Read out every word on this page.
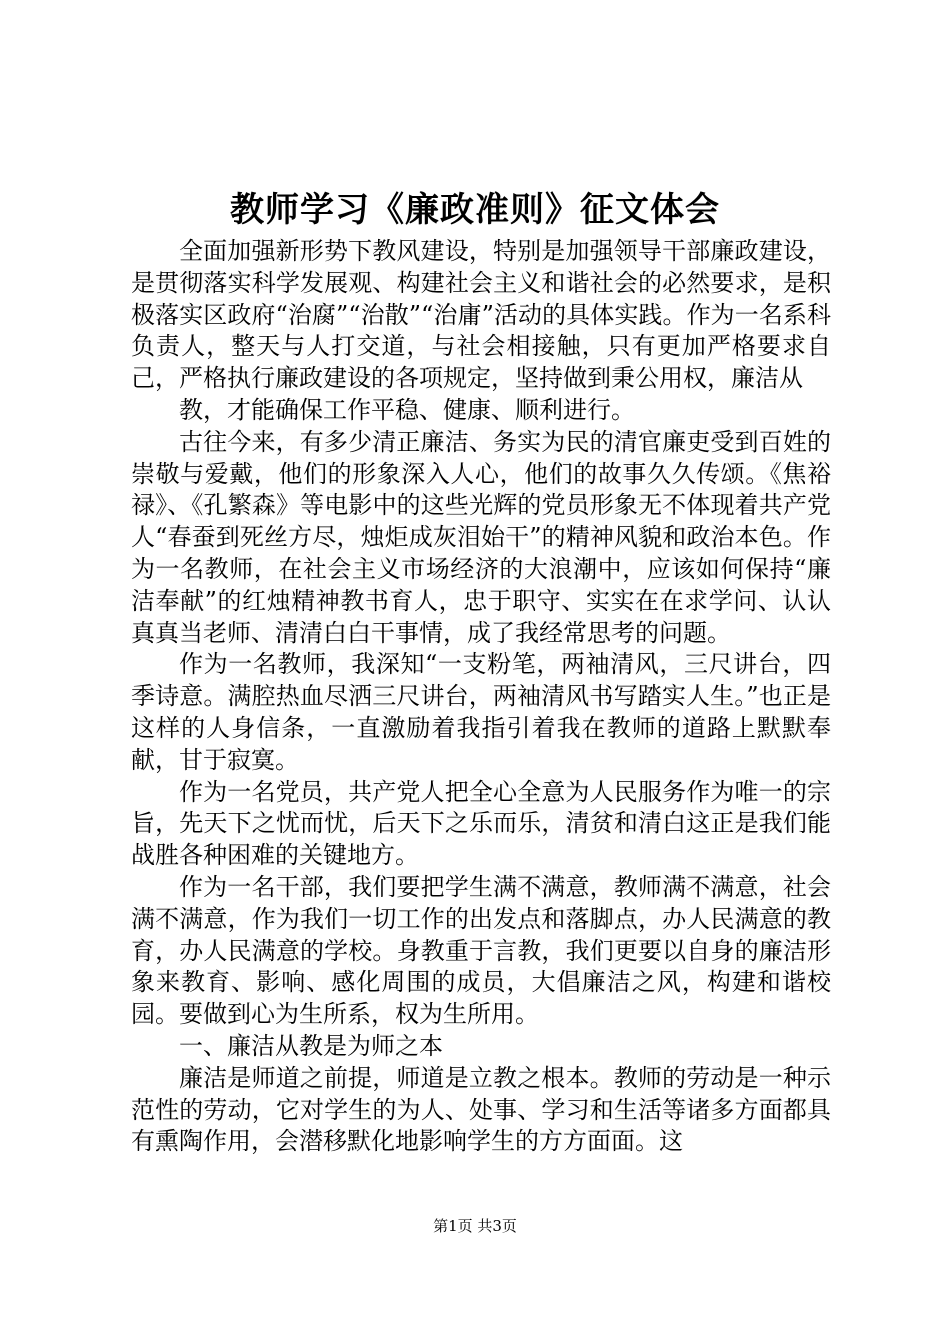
教师学习《廉政准则》征文体会

全面加强新形势下教风建设，特别是加强领导干部廉政建设，是贯彻落实科学发展观、构建社会主义和谐社会的必然要求，是积极落实区政府“治腐”“治散”“治庸”活动的具体实践。作为一名系科负责人，整天与人打交道，与社会相接触，只有更加严格要求自己，严格执行廉政建设的各项规定，坚持做到秉公用权，廉洁从

教，才能确保工作平稳、健康、顺利进行。

古往今来，有多少清正廉洁、务实为民的清官廉吏受到百姓的崇敬与爱戴，他们的形象深入人心，他们的故事久久传颂。《焦裕禄》、《孔繁森》等电影中的这些光辉的党员形象无不体现着共产党人“春蚕到死丝方尽，烛炬成灰泪始干”的精神风貌和政治本色。作为一名教师，在社会主义市场经济的大浪潮中，应该如何保持“廉洁奉献”的红烛精神教书育人，忠于职守、实实在在求学问、认认真真当老师、清清白白干事情，成了我经常思考的问题。

作为一名教师，我深知“一支粉笔，两袖清风，三尺讲台，四季诗意。满腔热血尽洒三尺讲台，两袖清风书写踏实人生。”也正是这样的人身信条，一直激励着我指引着我在教师的道路上默默奉献，甘于寂寞。

作为一名党员，共产党人把全心全意为人民服务作为唯一的宗旨，先天下之忧而忧，后天下之乐而乐，清贫和清白这正是我们能战胜各种困难的关键地方。

作为一名干部，我们要把学生满不满意，教师满不满意，社会满不满意，作为我们一切工作的出发点和落脚点，办人民满意的教育，办人民满意的学校。身教重于言教，我们更要以自身的廉洁形象来教育、影响、感化周围的成员，大倡廉洁之风，构建和谐校园。要做到心为生所系，权为生所用。

一、廉洁从教是为师之本

廉洁是师道之前提，师道是立教之根本。教师的劳动是一种示范性的劳动，它对学生的为人、处事、学习和生活等诸多方面都具有熏陶作用，会潜移默化地影响学生的方方面面。这

第1页 共3页
